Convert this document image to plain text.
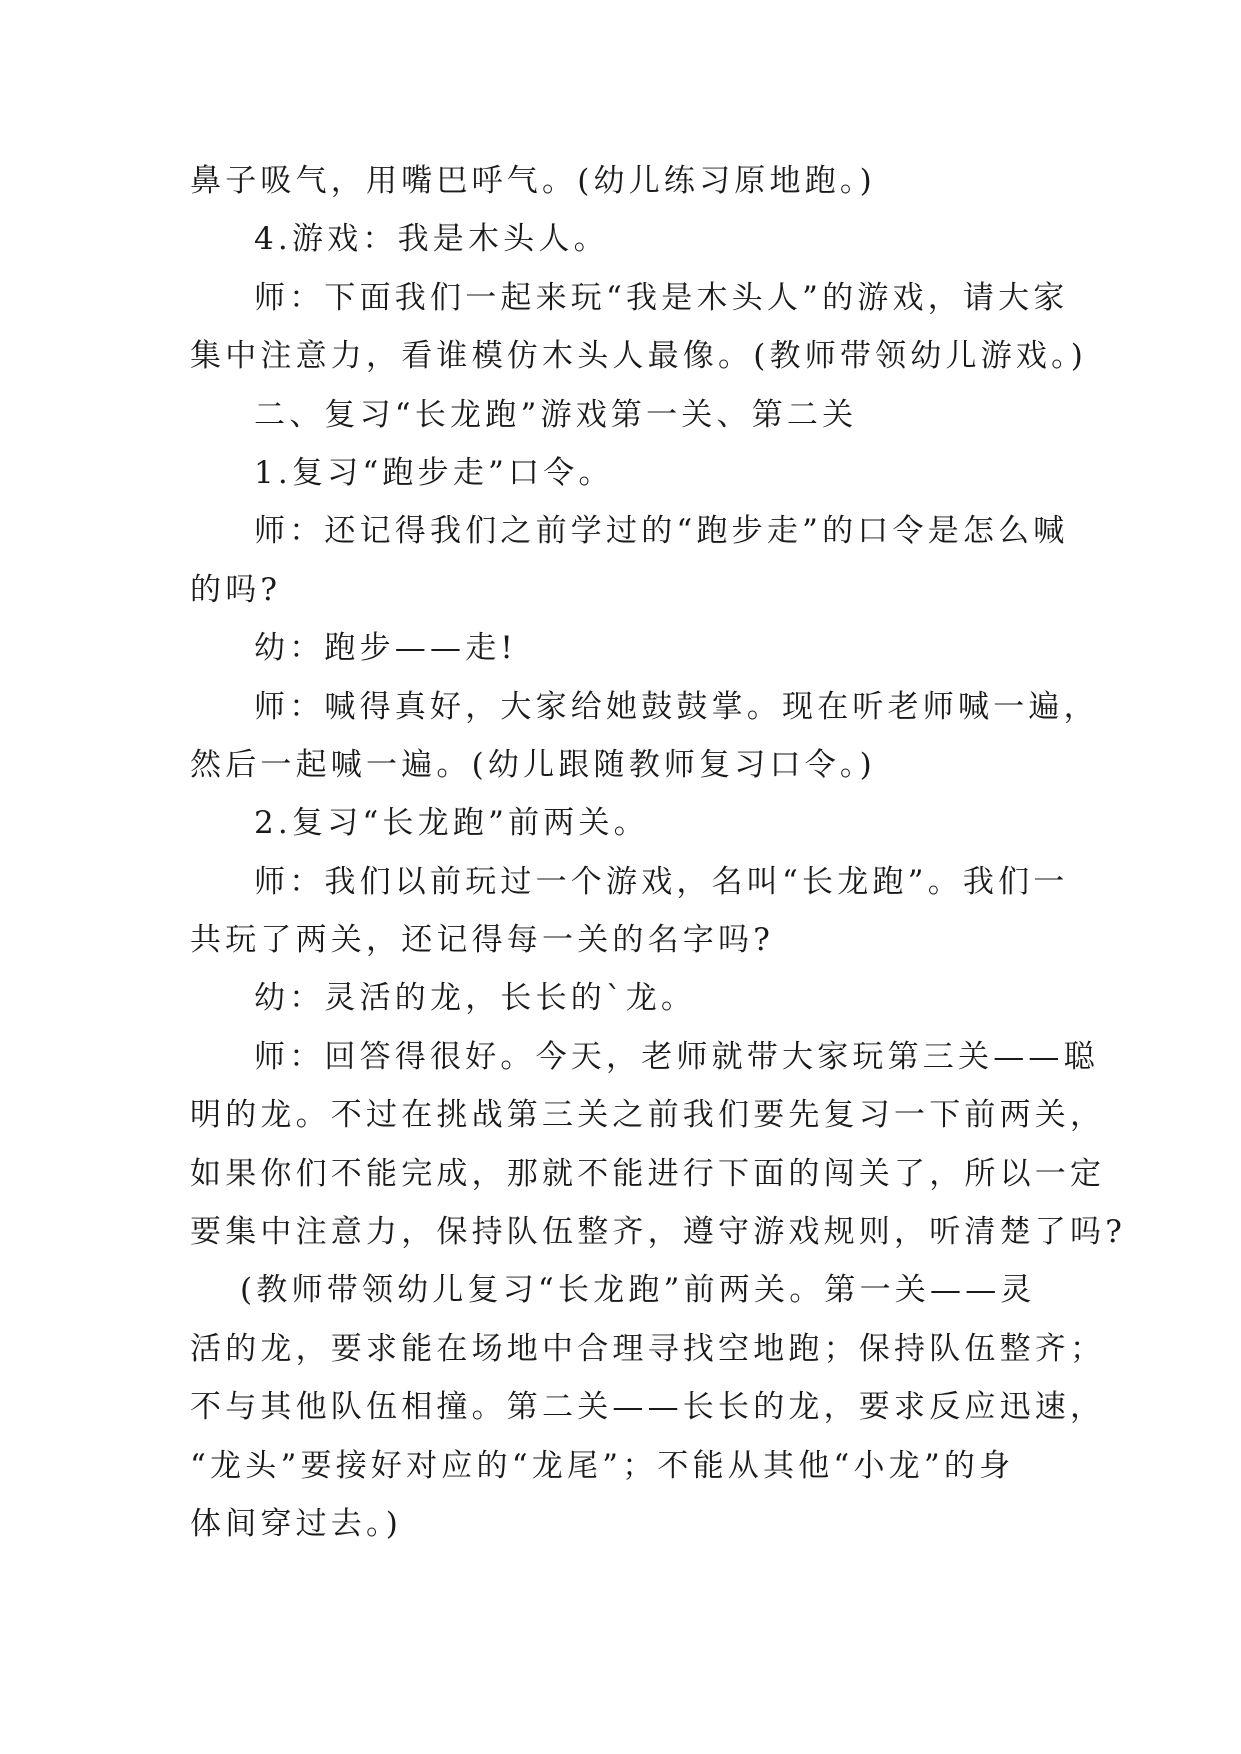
鼻子吸气，用嘴巴呼气。(幼儿练习原地跑。)
4.游戏：我是木头人。
师：下面我们一起来玩“我是木头人”的游戏，请大家
集中注意力，看谁模仿木头人最像。(教师带领幼儿游戏。)
二、复习“长龙跑”游戏第一关、第二关
1.复习“跑步走”口令。
师：还记得我们之前学过的“跑步走”的口令是怎么喊
的吗?
幼：跑步——走!
师：喊得真好，大家给她鼓鼓掌。现在听老师喊一遍，
然后一起喊一遍。(幼儿跟随教师复习口令。)
2.复习“长龙跑”前两关。
师：我们以前玩过一个游戏，名叫“长龙跑”。我们一
共玩了两关，还记得每一关的名字吗?
幼：灵活的龙，长长的`龙。
师：回答得很好。今天，老师就带大家玩第三关——聪
明的龙。不过在挑战第三关之前我们要先复习一下前两关，
如果你们不能完成，那就不能进行下面的闯关了，所以一定
要集中注意力，保持队伍整齐，遵守游戏规则，听清楚了吗?
(教师带领幼儿复习“长龙跑”前两关。第一关——灵
活的龙，要求能在场地中合理寻找空地跑；保持队伍整齐；
不与其他队伍相撞。第二关——长长的龙，要求反应迅速，
“龙头”要接好对应的“龙尾”；不能从其他“小龙”的身
体间穿过去。)
